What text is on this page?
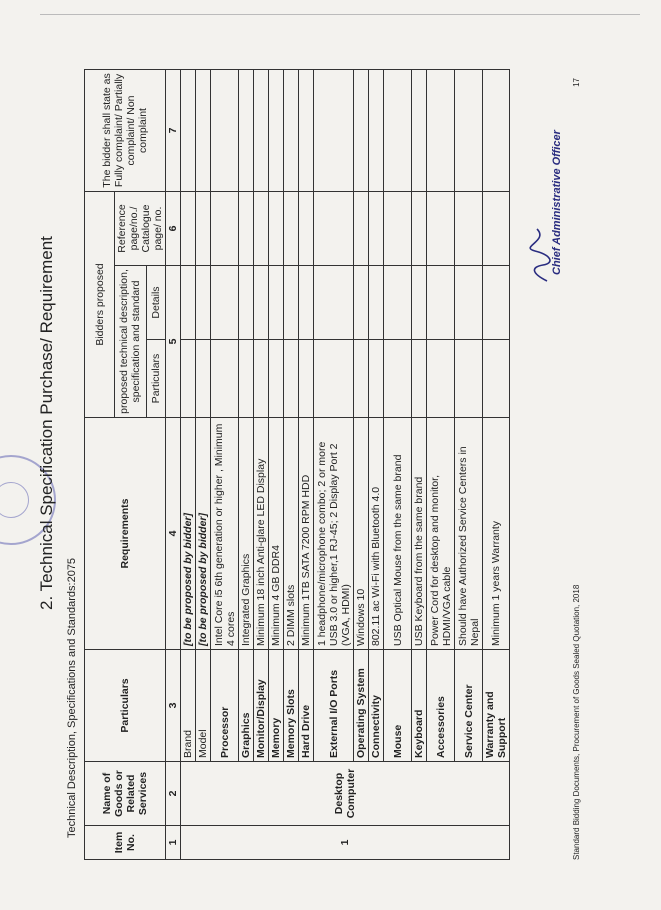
2. Technical Specification Purchase/ Requirement
Technical Description, Specifications and Standards:2075
Item No.	Name of Goods or Related Services	Particulars	Requirements	Bidders proposed			The bidder shall state as Fully complaint/ Partially complaint/ Non complaint
				proposed technical description, specification and standard		Reference page/no./ Catalogue page/ no.	
				Particulars	Details		
1	2	3	4	5		6	7
1	Desktop Computer	Brand	[to be proposed by bidder]				
		Model	[to be proposed by bidder]				
		Processor	Intel Core i5 6th generation or higher , Minimum 4 cores				
		Graphics	Integrated Graphics				
		Monitor/Display	Minimum 18 inch Anti-glare LED Display				
		Memory	Minimum 4 GB DDR4				
		Memory Slots	2 DIMM slots				
		Hard Drive	Minimum 1TB SATA 7200 RPM HDD				
		External I/O Ports	1 headphone/microphone combo; 2 or more USB 3.0 or higher,1 RJ-45; 2 Display Port 2 (VGA, HDMI)				
		Operating System	Windows 10				
		Connectivity	802.11 ac Wi-Fi with Bluetooth 4.0				
		Mouse	USB Optical Mouse from the same brand				
		Keyboard	USB Keyboard from the same brand				
		Accessories	Power Cord for desktop and monitor, HDMI/VGA cable				
		Service Center	Should have Authorized Service Centers in Nepal				
		Warranty and Support	Minimum 1 years Warranty				
Chief Administrative Officer
Standard Bidding Documents, Procurement of Goods Sealed Quotation, 2018
17
